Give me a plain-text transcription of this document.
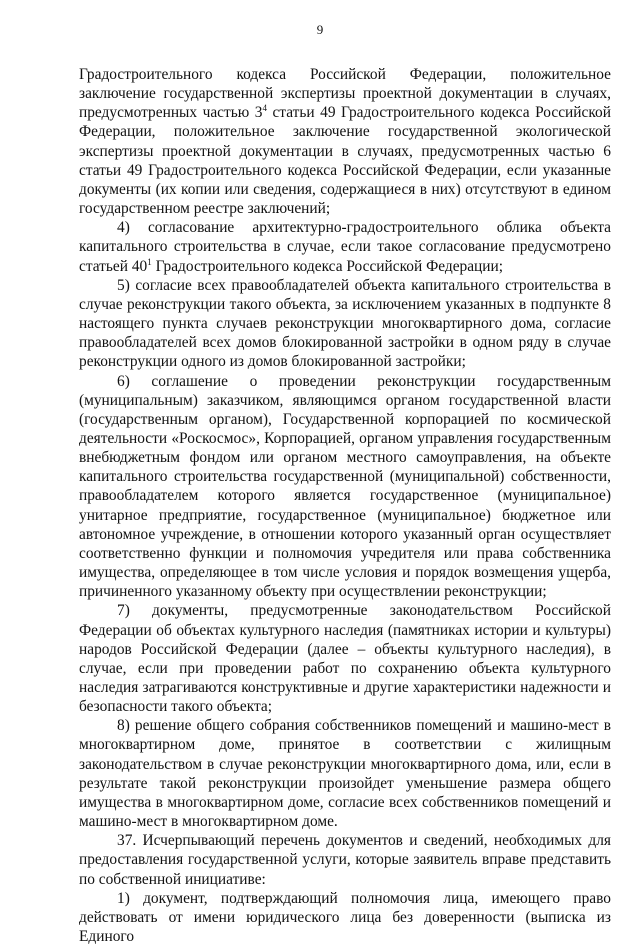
9

Градостроительного кодекса Российской Федерации, положительное заключение государственной экспертизы проектной документации в случаях, предусмотренных частью $3^4$ статьи 49 Градостроительного кодекса Российской Федерации, положительное заключение государственной экологической экспертизы проектной документации в случаях, предусмотренных частью 6 статьи 49 Градостроительного кодекса Российской Федерации, если указанные документы (их копии или сведения, содержащиеся в них) отсутствуют в едином государственном реестре заключений;

4) согласование архитектурно-градостроительного облика объекта капитального строительства в случае, если такое согласование предусмотрено статьей $40^1$ Градостроительного кодекса Российской Федерации;

5) согласие всех правообладателей объекта капитального строительства в случае реконструкции такого объекта, за исключением указанных в подпункте 8 настоящего пункта случаев реконструкции многоквартирного дома, согласие правообладателей всех домов блокированной застройки в одном ряду в случае реконструкции одного из домов блокированной застройки;

6) соглашение о проведении реконструкции государственным (муниципальным) заказчиком, являющимся органом государственной власти (государственным органом), Государственной корпорацией по космической деятельности «Роскосмос», Корпорацией, органом управления государственным внебюджетным фондом или органом местного самоуправления, на объекте капитального строительства государственной (муниципальной) собственности, правообладателем которого является государственное (муниципальное) унитарное предприятие, государственное (муниципальное) бюджетное или автономное учреждение, в отношении которого указанный орган осуществляет соответственно функции и полномочия учредителя или права собственника имущества, определяющее в том числе условия и порядок возмещения ущерба, причиненного указанному объекту при осуществлении реконструкции;

7) документы, предусмотренные законодательством Российской Федерации об объектах культурного наследия (памятниках истории и культуры) народов Российской Федерации (далее – объекты культурного наследия), в случае, если при проведении работ по сохранению объекта культурного наследия затрагиваются конструктивные и другие характеристики надежности и безопасности такого объекта;

8) решение общего собрания собственников помещений и машино-мест в многоквартирном доме, принятое в соответствии с жилищным законодательством в случае реконструкции многоквартирного дома, или, если в результате такой реконструкции произойдет уменьшение размера общего имущества в многоквартирном доме, согласие всех собственников помещений и машино-мест в многоквартирном доме.

37. Исчерпывающий перечень документов и сведений, необходимых для предоставления государственной услуги, которые заявитель вправе представить по собственной инициативе:

1) документ, подтверждающий полномочия лица, имеющего право действовать от имени юридического лица без доверенности (выписка из Единого
